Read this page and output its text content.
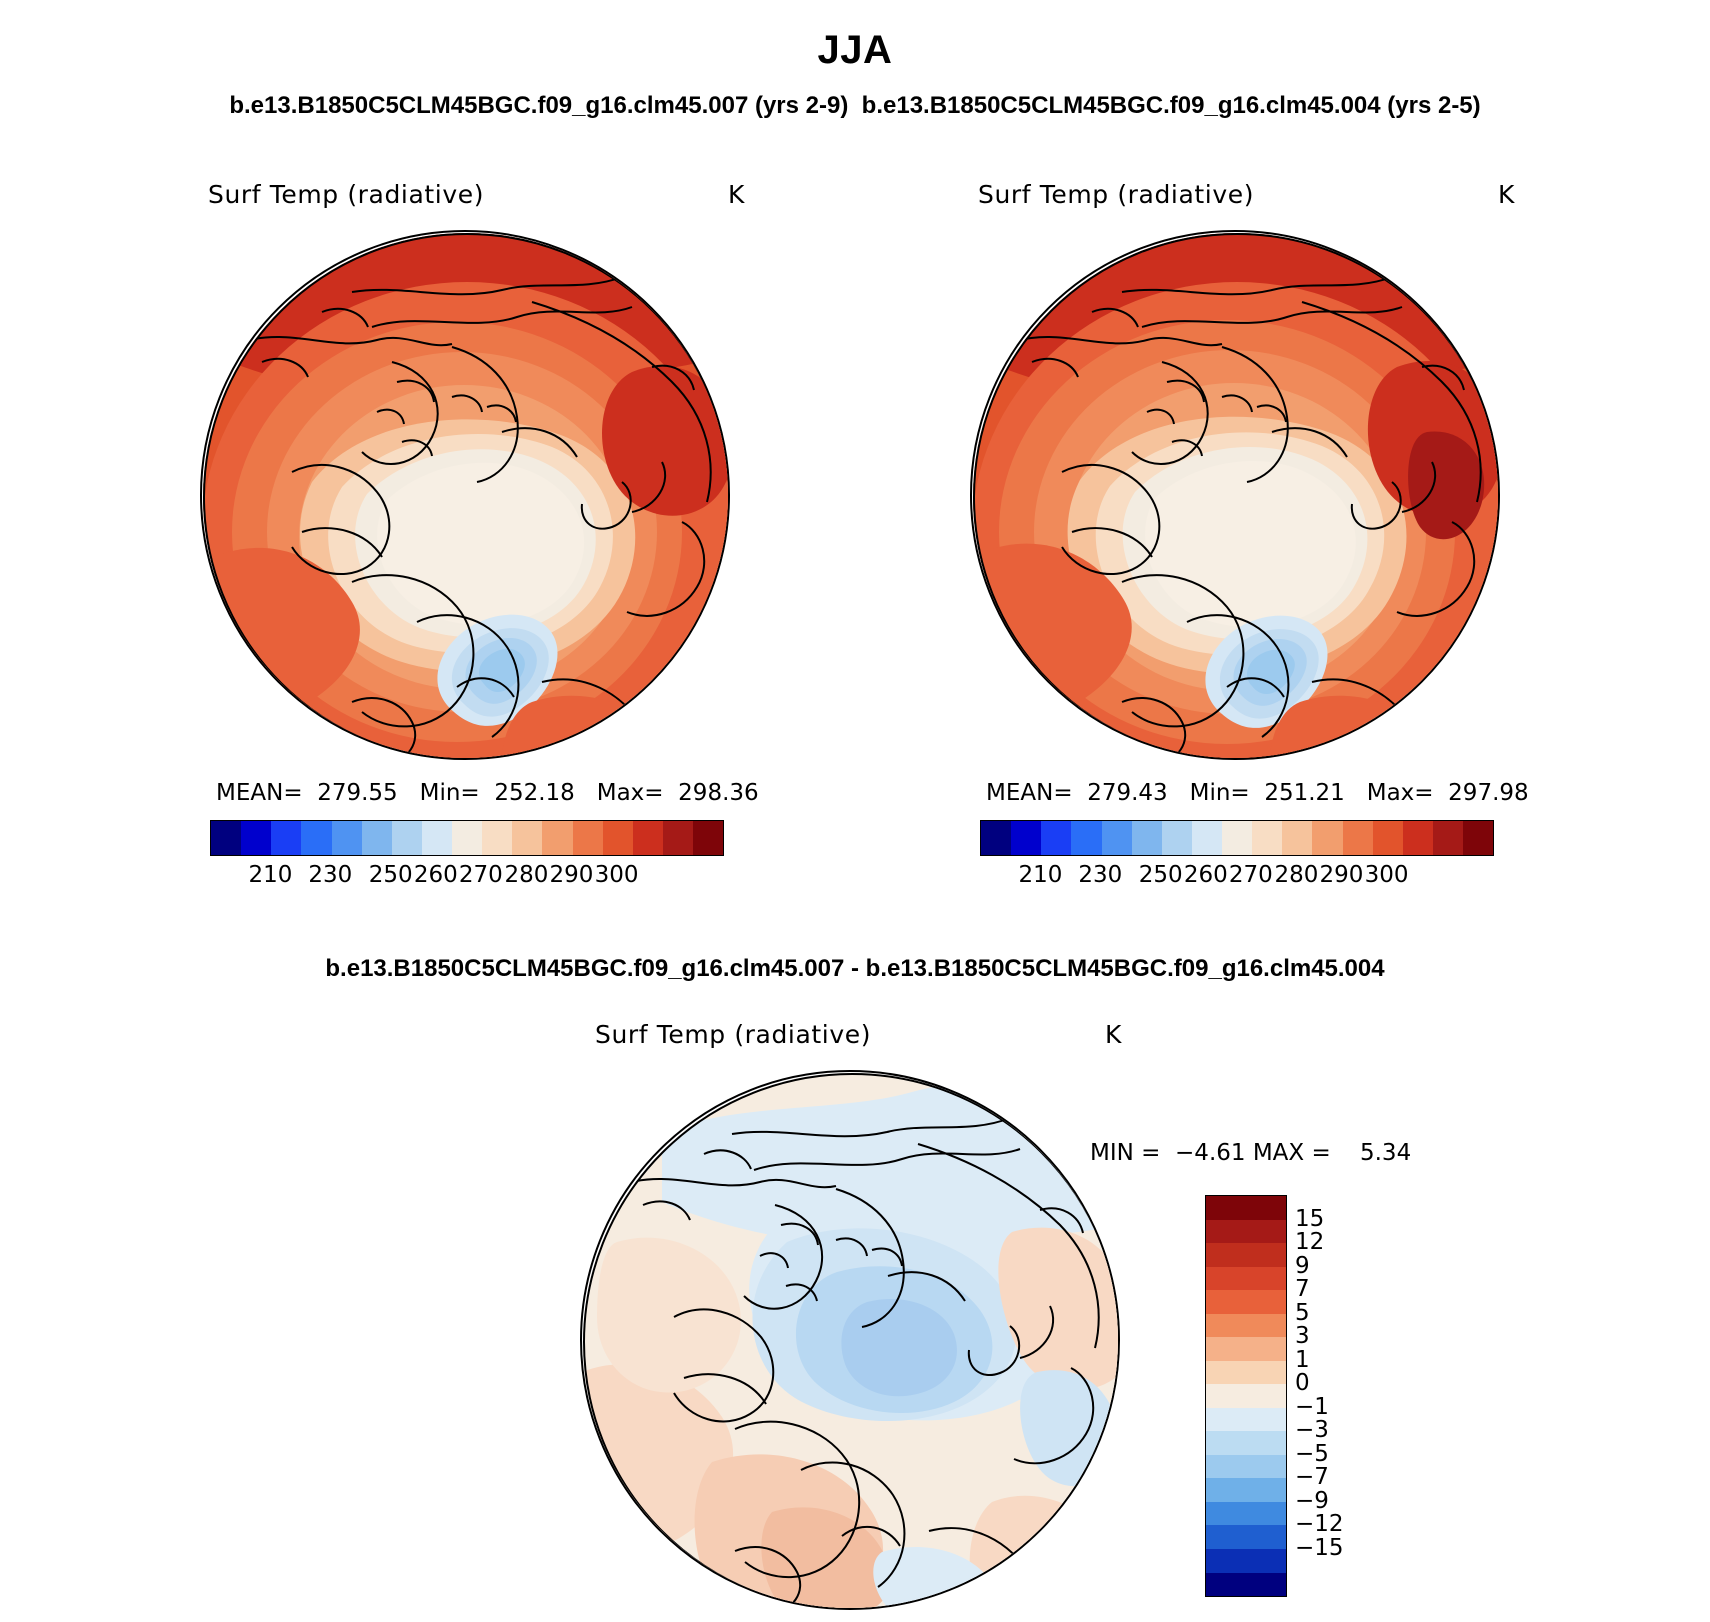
JJA
b.e13.B1850C5CLM45BGC.f09_g16.clm45.007 (yrs 2-9)  b.e13.B1850C5CLM45BGC.f09_g16.clm45.004 (yrs 2-5)
Surf Temp (radiative)	K
MEAN=  279.55   Min=  252.18   Max=  298.36
210 230 250 260 270 280 290 300
Surf Temp (radiative)	K
MEAN=  279.43   Min=  251.21   Max=  297.98
210 230 250 260 270 280 290 300
b.e13.B1850C5CLM45BGC.f09_g16.clm45.007 - b.e13.B1850C5CLM45BGC.f09_g16.clm45.004
Surf Temp (radiative)	K
MIN =  −4.61 MAX =    5.34
15
12
9
7
5
3
1
0
−1
−3
−5
−7
−9
−12
−15
